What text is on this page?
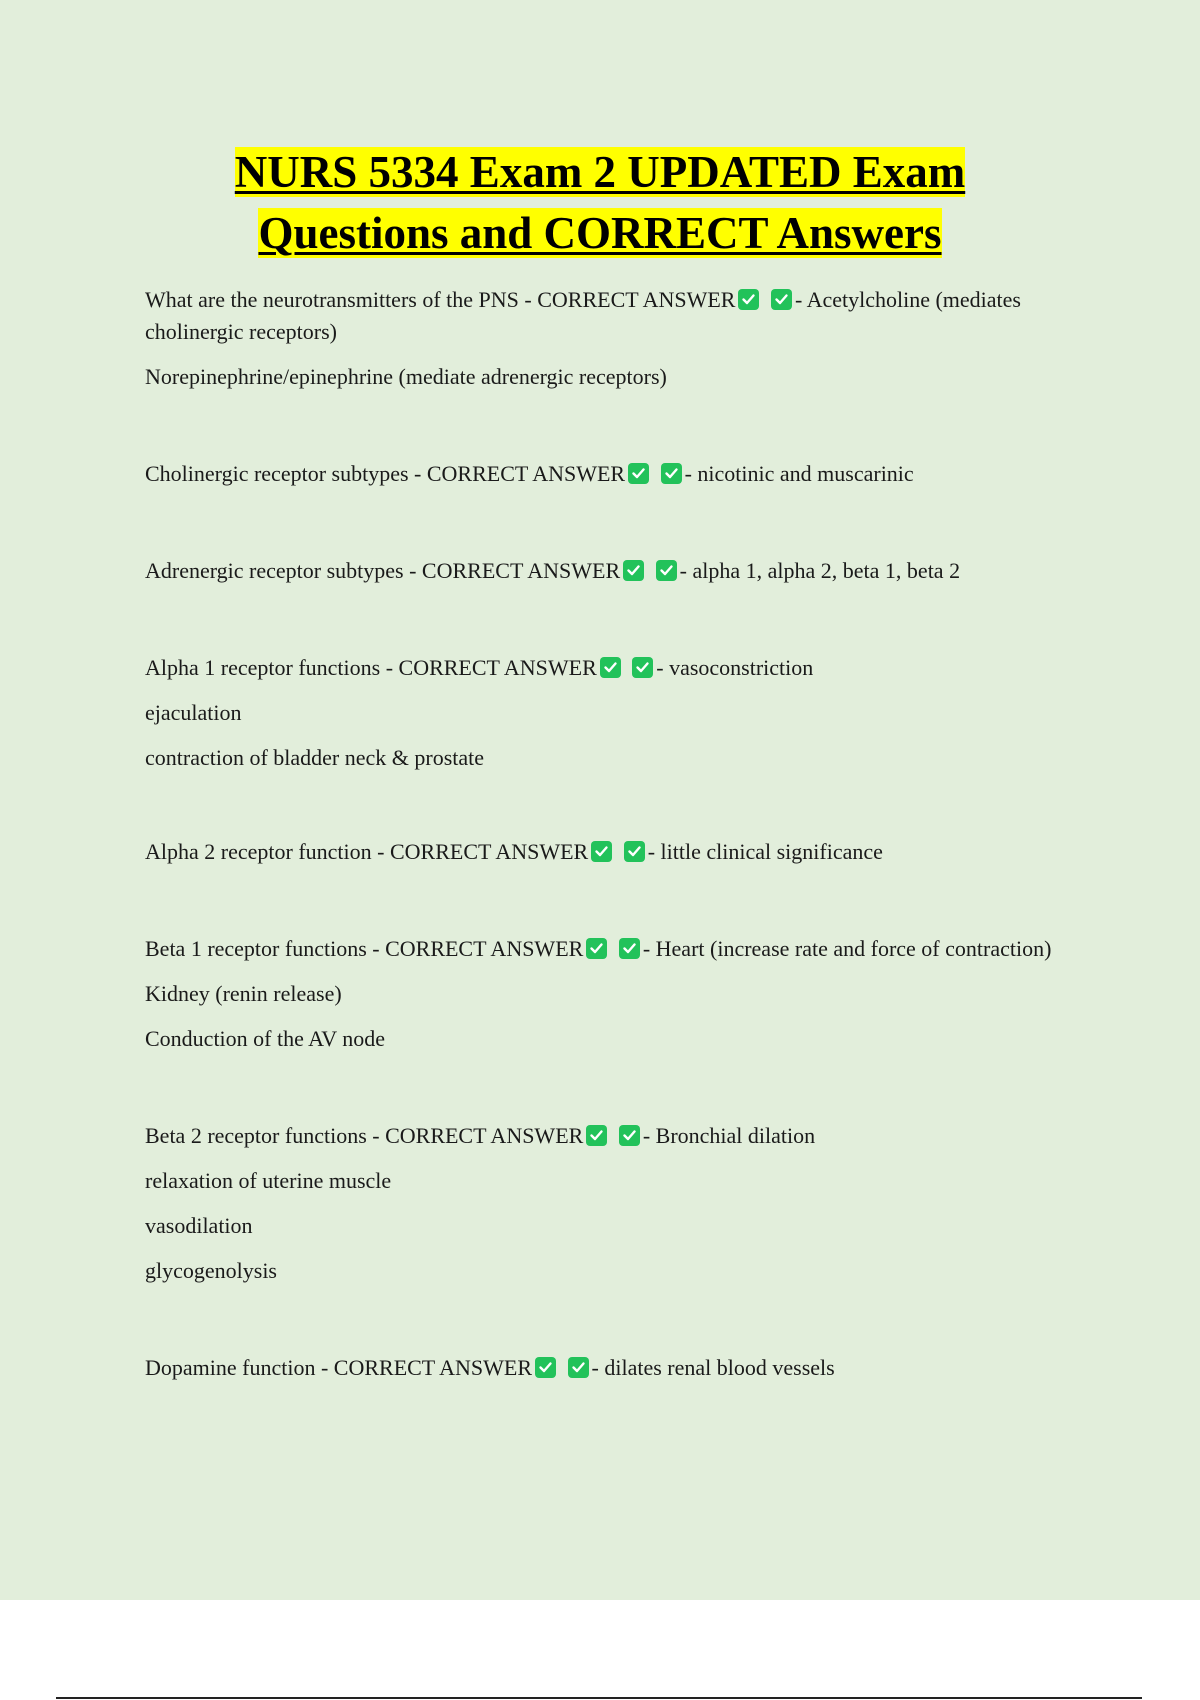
NURS 5334 Exam 2 UPDATED Exam
Questions and CORRECT Answers

What are the neurotransmitters of the PNS - CORRECT ANSWER
	- Acetylcholine (mediates cholinergic receptors)

Norepinephrine/epinephrine (mediate adrenergic receptors)

Cholinergic receptor subtypes - CORRECT ANSWER
	- nicotinic and muscarinic

Adrenergic receptor subtypes - CORRECT ANSWER
	- alpha 1, alpha 2, beta 1, beta 2

Alpha 1 receptor functions - CORRECT ANSWER
	- vasoconstriction

ejaculation

contraction of bladder neck & prostate

Alpha 2 receptor function - CORRECT ANSWER
	- little clinical significance

Beta 1 receptor functions - CORRECT ANSWER
	- Heart (increase rate and force of contraction)

Kidney (renin release)

Conduction of the AV node

Beta 2 receptor functions - CORRECT ANSWER
	- Bronchial dilation

relaxation of uterine muscle

vasodilation

glycogenolysis

Dopamine function - CORRECT ANSWER
	- dilates renal blood vessels
